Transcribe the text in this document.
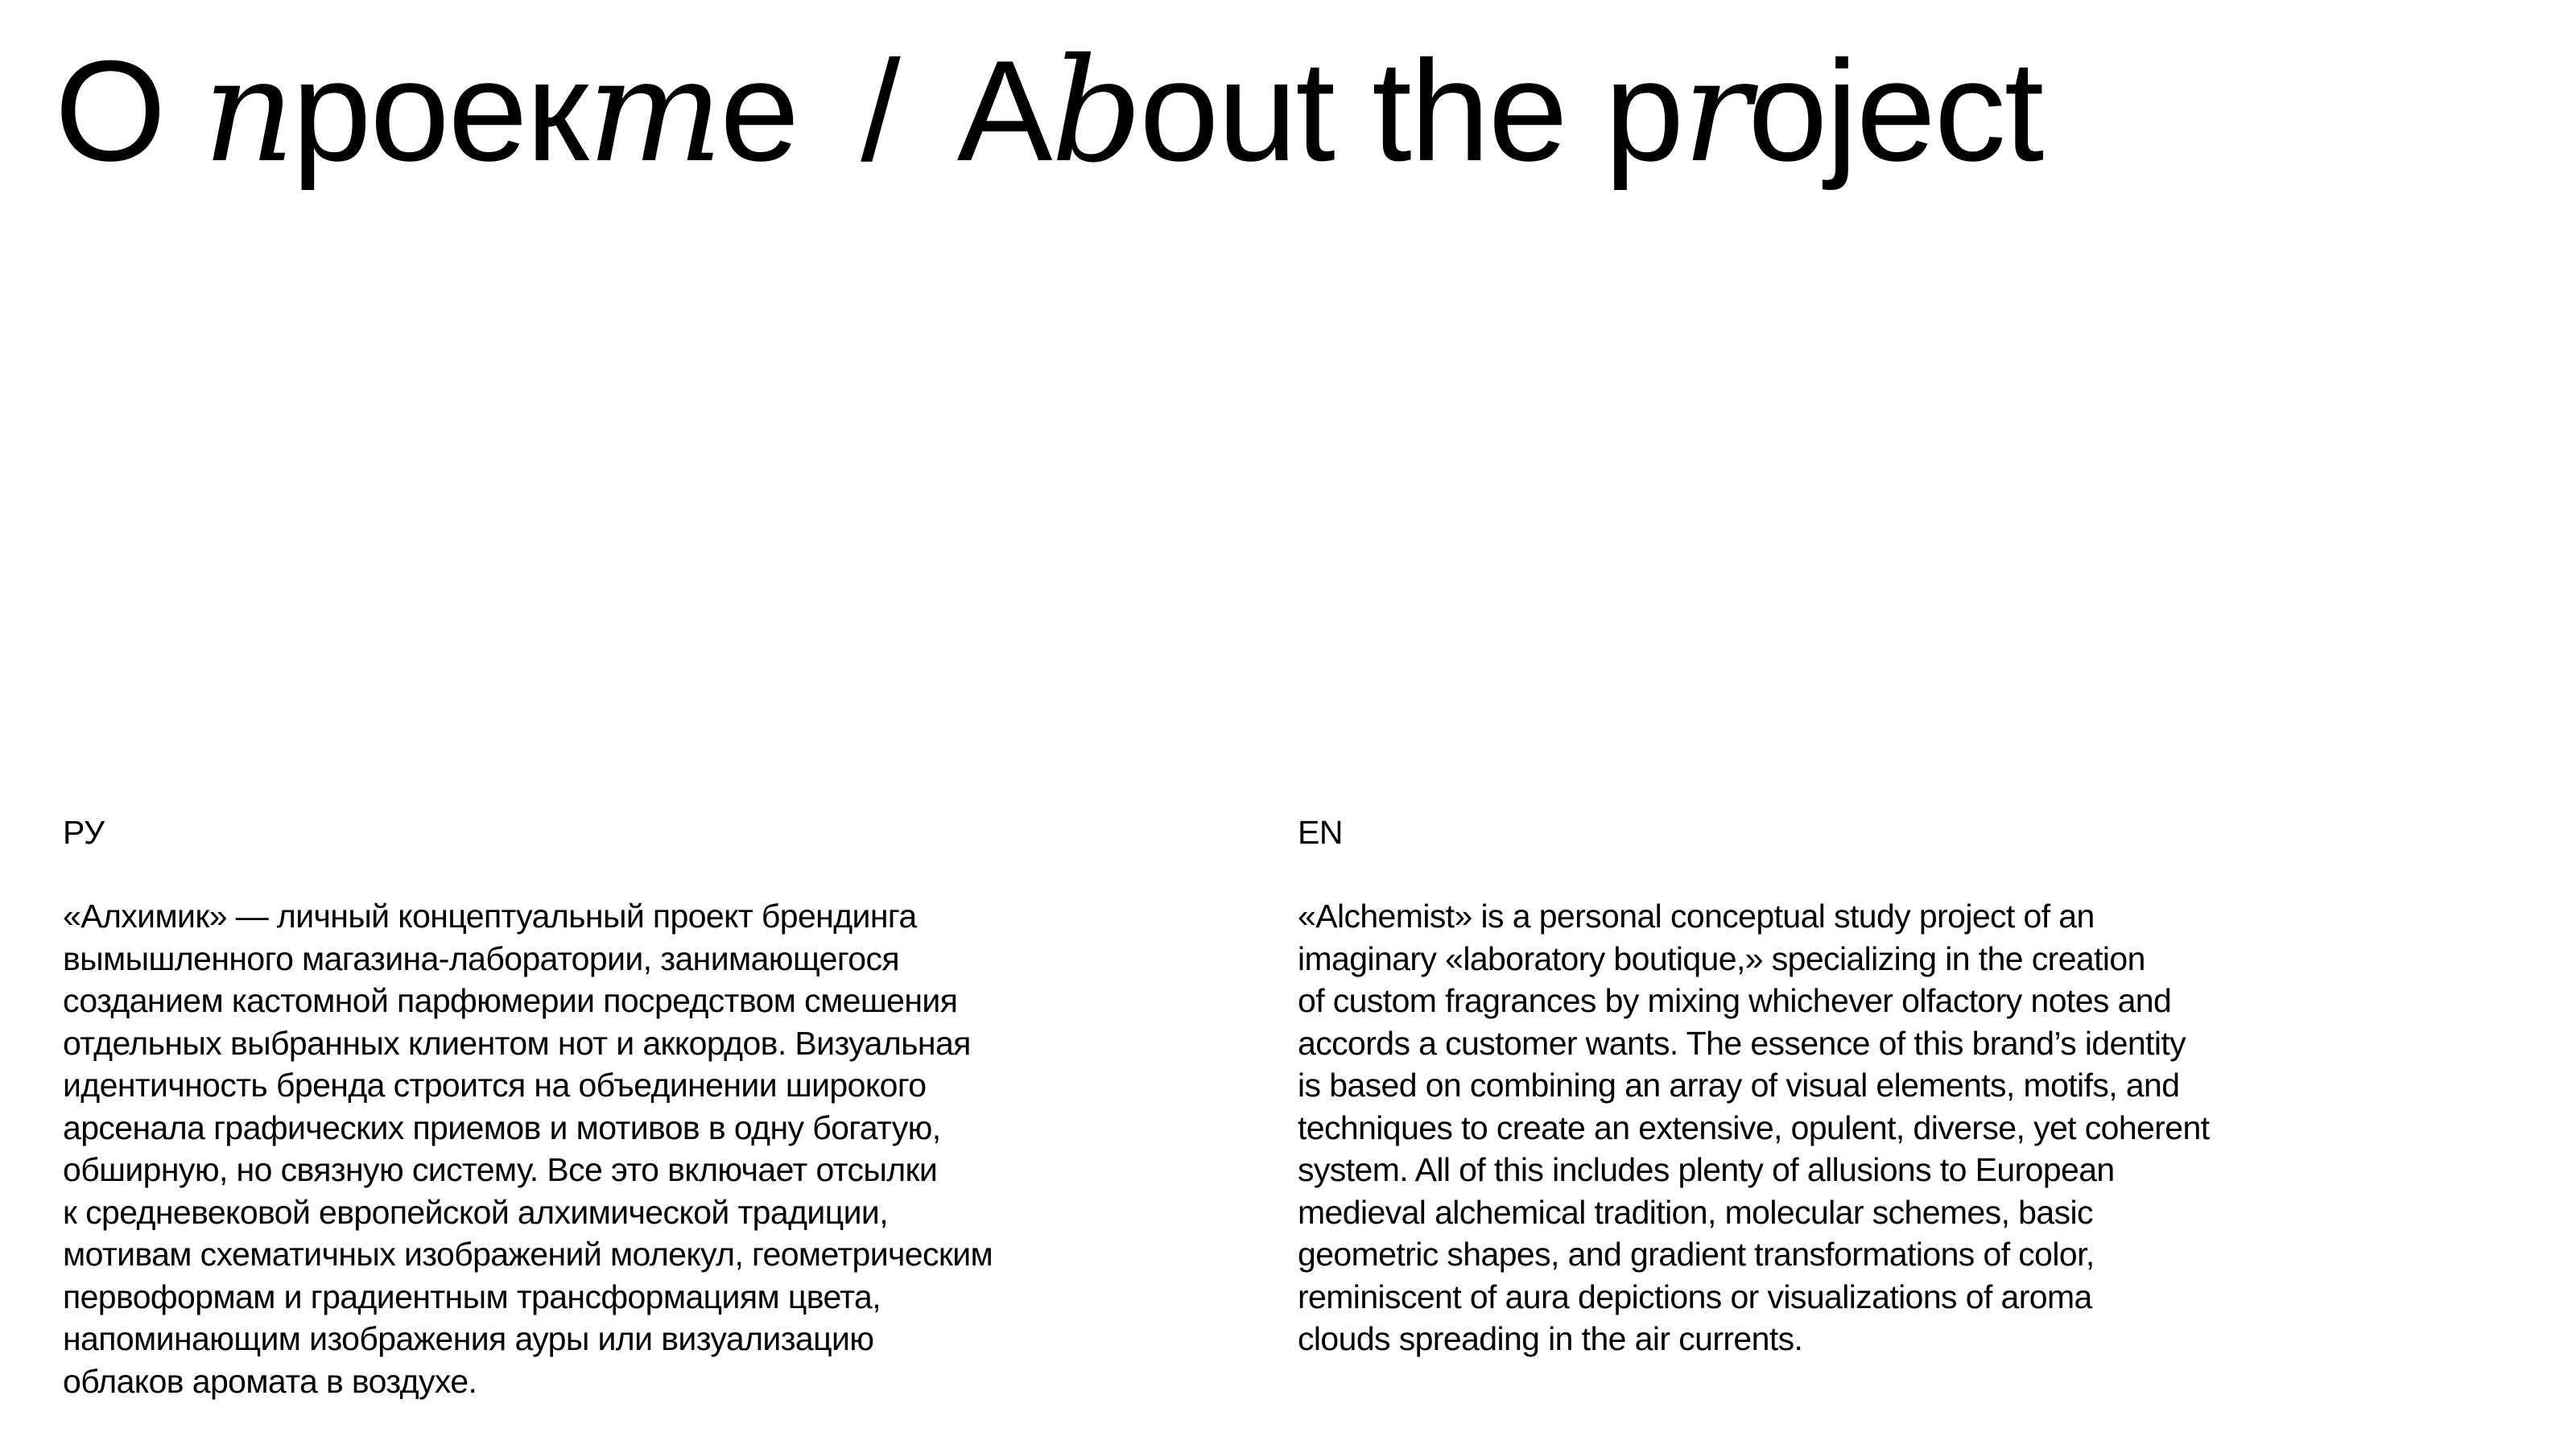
О проекте / About the project

РУ

«Алхимик» — личный концептуальный проект брендинга
вымышленного магазина-лаборатории, занимающегося
созданием кастомной парфюмерии посредством смешения
отдельных выбранных клиентом нот и аккордов. Визуальная
идентичность бренда строится на объединении широкого
арсенала графических приемов и мотивов в одну богатую,
обширную, но связную систему. Все это включает отсылки
к средневековой европейской алхимической традиции,
мотивам схематичных изображений молекул, геометрическим
первоформам и градиентным трансформациям цвета,
напоминающим изображения ауры или визуализацию
облаков аромата в воздухе.

EN

«Alchemist» is a personal conceptual study project of an
imaginary «laboratory boutique,» specializing in the creation
of custom fragrances by mixing whichever olfactory notes and
accords a customer wants. The essence of this brand’s identity
is based on combining an array of visual elements, motifs, and
techniques to create an extensive, opulent, diverse, yet coherent
system. All of this includes plenty of allusions to European
medieval alchemical tradition, molecular schemes, basic
geometric shapes, and gradient transformations of color,
reminiscent of aura depictions or visualizations of aroma
clouds spreading in the air currents.
